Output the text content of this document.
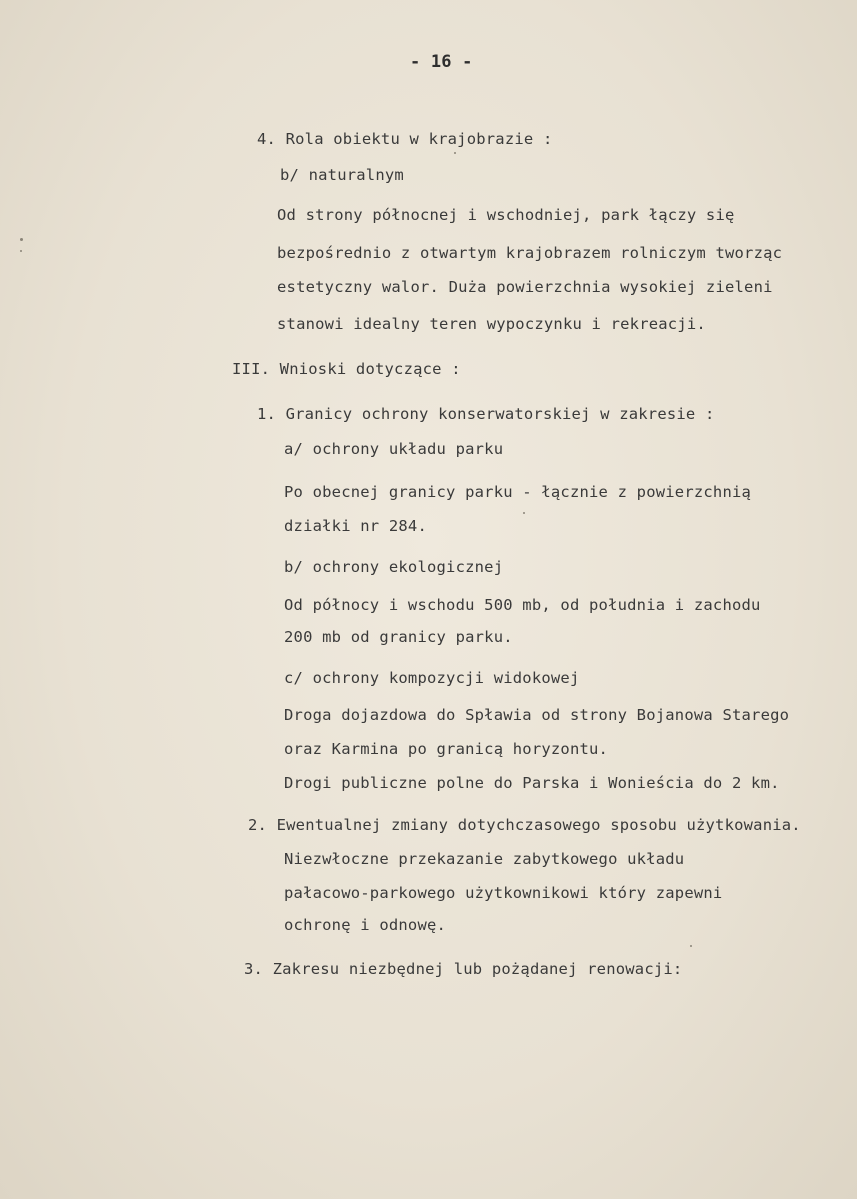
- 16 -
4. Rola obiektu w krajobrazie :
b/ naturalnym
Od strony północnej i wschodniej, park łączy się
bezpośrednio z otwartym krajobrazem rolniczym tworząc
estetyczny walor. Duża powierzchnia wysokiej zieleni
stanowi idealny teren wypoczynku i rekreacji.
III. Wnioski dotyczące :
1. Granicy ochrony konserwatorskiej w zakresie :
a/ ochrony układu parku
Po obecnej granicy parku - łącznie z powierzchnią
działki nr 284.
b/ ochrony ekologicznej
Od północy i wschodu 500 mb, od południa i zachodu
200 mb od granicy parku.
c/ ochrony kompozycji widokowej
Droga dojazdowa do Spławia od strony Bojanowa Starego
oraz Karmina po granicą horyzontu.
Drogi publiczne polne do Parska i Wonieścia do 2 km.
2. Ewentualnej zmiany dotychczasowego sposobu użytkowania.
Niezwłoczne przekazanie zabytkowego układu
pałacowo-parkowego użytkownikowi który zapewni
ochronę i odnowę.
3. Zakresu niezbędnej lub pożądanej renowacji:
